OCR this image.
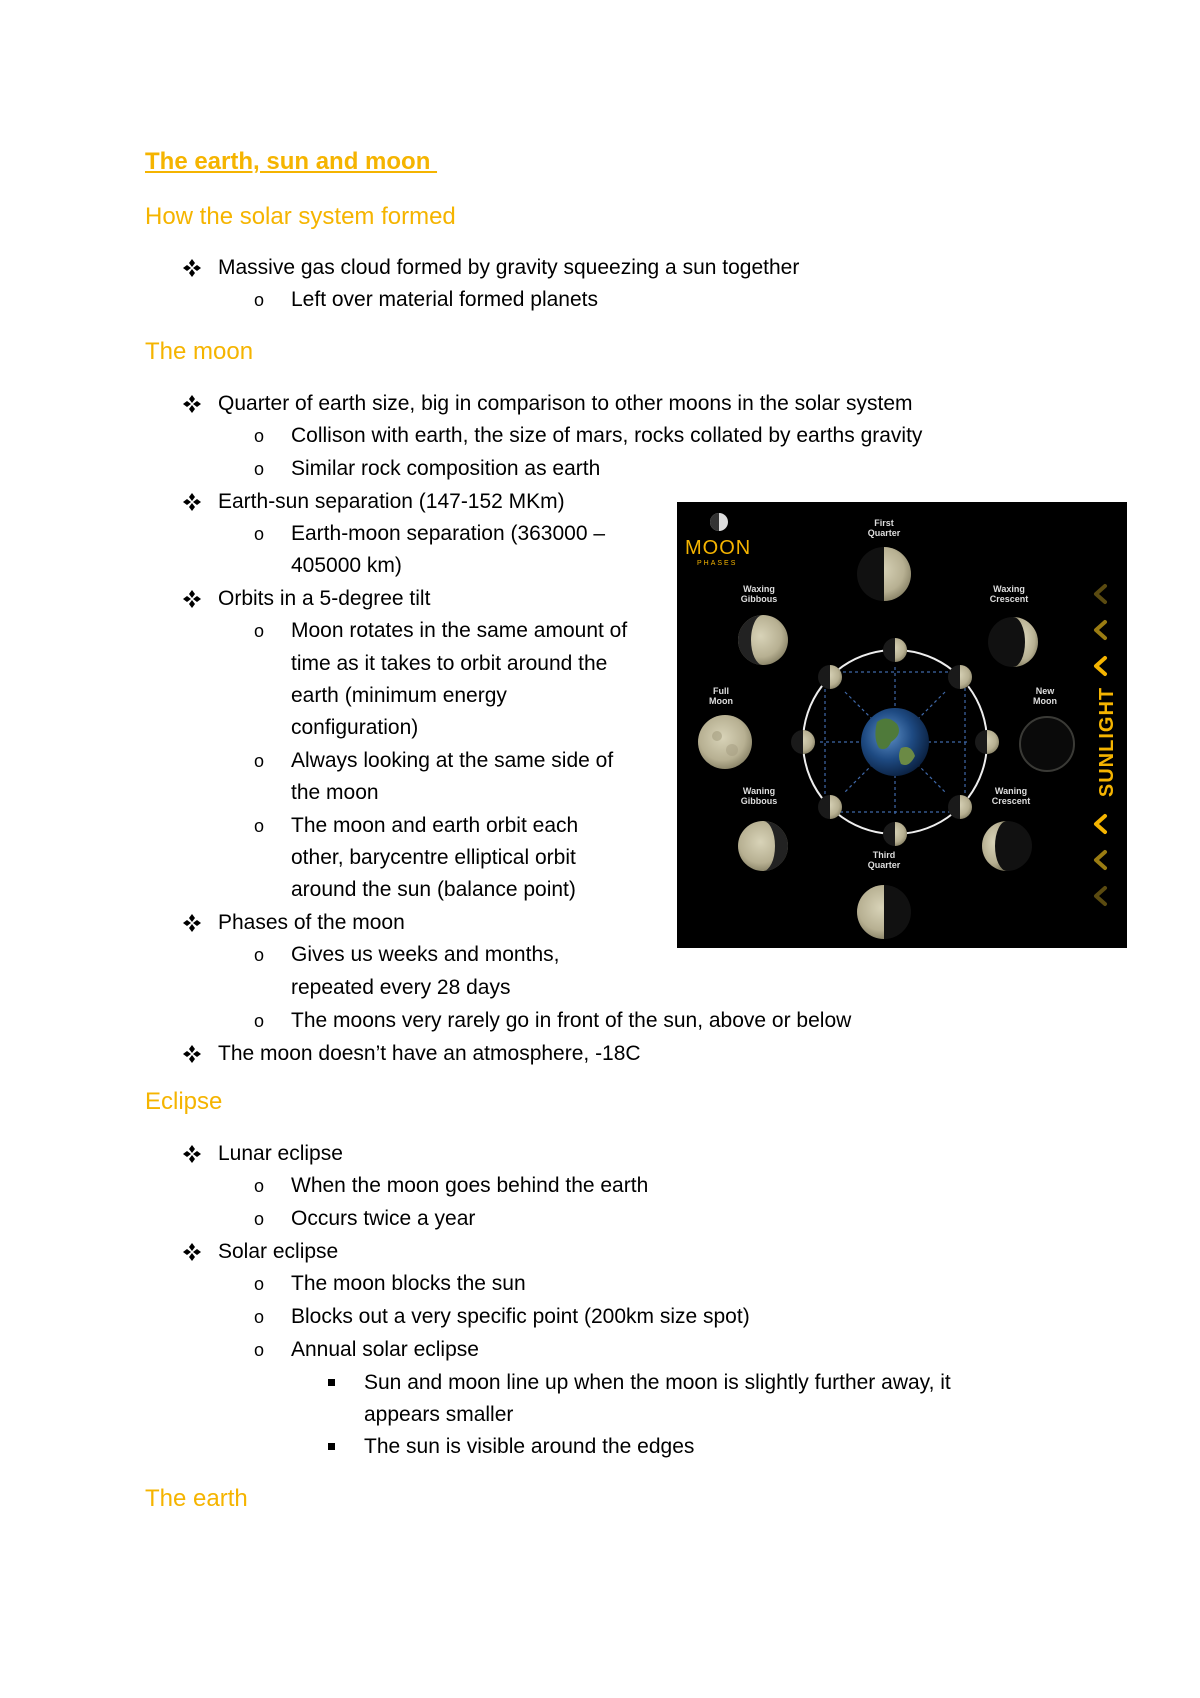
The earth, sun and moon
How the solar system formed
Massive gas cloud formed by gravity squeezing a sun together
o Left over material formed planets
The moon
Quarter of earth size, big in comparison to other moons in the solar system
o Collison with earth, the size of mars, rocks collated by earths gravity
o Similar rock composition as earth
Earth-sun separation (147-152 MKm)
o Earth-moon separation (363000 –
405000 km)
Orbits in a 5-degree tilt
o Moon rotates in the same amount of
time as it takes to orbit around the
earth (minimum energy
configuration)
o Always looking at the same side of
the moon
o The moon and earth orbit each
other, barycentre elliptical orbit
around the sun (balance point)
Phases of the moon
o Gives us weeks and months,
repeated every 28 days
o The moons very rarely go in front of the sun, above or below
The moon doesn’t have an atmosphere, -18C
Eclipse
Lunar eclipse
o When the moon goes behind the earth
o Occurs twice a year
Solar eclipse
o The moon blocks the sun
o Blocks out a very specific point (200km size spot)
o Annual solar eclipse
Sun and moon line up when the moon is slightly further away, it
appears smaller
The sun is visible around the edges
The earth
MOON
PHASES
First
Quarter
Waxing
Gibbous
Waxing
Crescent
Full
Moon
New
Moon
Waning
Gibbous
Waning
Crescent
Third
Quarter
SUNLIGHT
